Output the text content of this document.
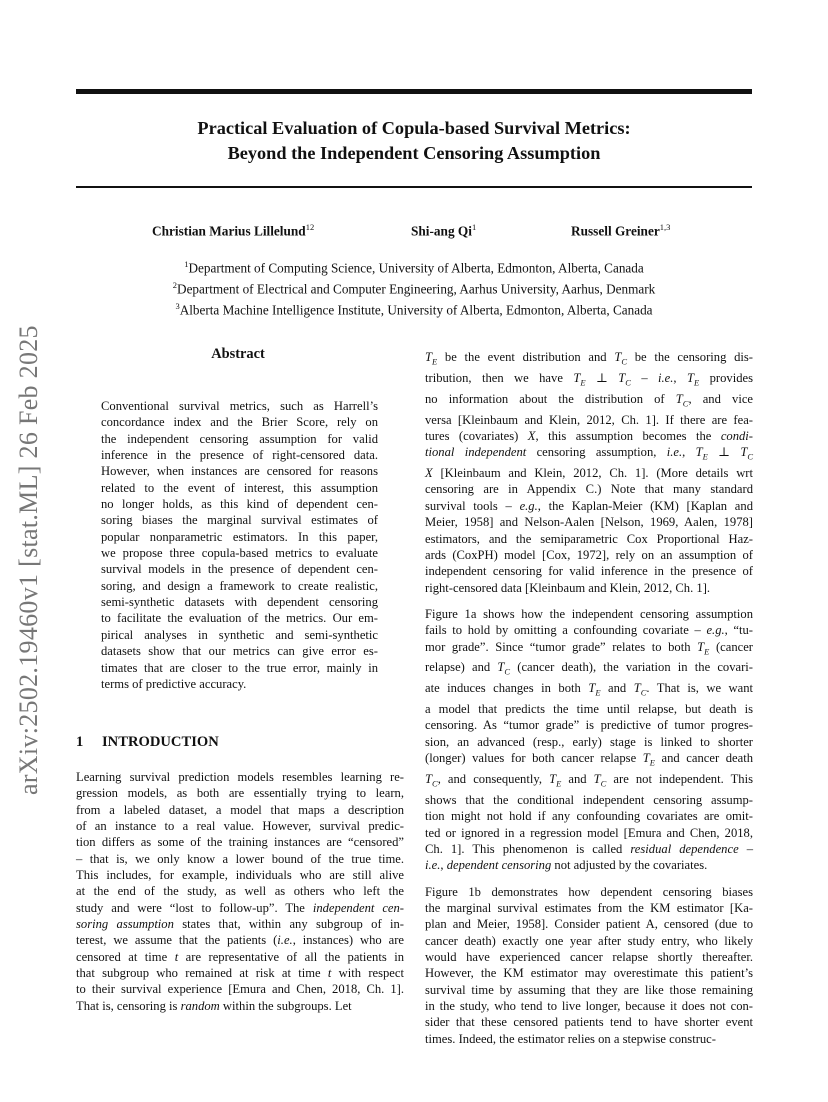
Practical Evaluation of Copula-based Survival Metrics:
Beyond the Independent Censoring Assumption
Christian Marius Lillelund$^{12}$	Shi-ang Qi$^1$	Russell Greiner$^{1,3}$
$^1$Department of Computing Science, University of Alberta, Edmonton, Alberta, Canada
$^2$Department of Electrical and Computer Engineering, Aarhus University, Aarhus, Denmark
$^3$Alberta Machine Intelligence Institute, University of Alberta, Edmonton, Alberta, Canada
arXiv:2502.19460v1 [stat.ML] 26 Feb 2025	Abstract
Conventional survival metrics, such as Harrell’s
concordance index and the Brier Score, rely on
the independent censoring assumption for valid
inference in the presence of right-censored data.
However, when instances are censored for reasons
related to the event of interest, this assumption
no longer holds, as this kind of dependent cen-
soring biases the marginal survival estimates of
popular nonparametric estimators. In this paper,
we propose three copula-based metrics to evaluate
survival models in the presence of dependent cen-
soring, and design a framework to create realistic,
semi-synthetic datasets with dependent censoring
to facilitate the evaluation of the metrics. Our em-
pirical analyses in synthetic and semi-synthetic
datasets show that our metrics can give error es-
timates that are closer to the true error, mainly in
terms of predictive accuracy.
1 INTRODUCTION
Learning survival prediction models resembles learning re-
gression models, as both are essentially trying to learn,
from a labeled dataset, a model that maps a description
of an instance to a real value. However, survival predic-
tion differs as some of the training instances are “censored”
– that is, we only know a lower bound of the true time.
This includes, for example, individuals who are still alive
at the end of the study, as well as others who left the
study and were “lost to follow-up”. The independent cen-
soring assumption states that, within any subgroup of in-
terest, we assume that the patients (i.e., instances) who are
censored at time t are representative of all the patients in
that subgroup who remained at risk at time t with respect
to their survival experience [Emura and Chen, 2018, Ch. 1].
That is, censoring is random within the subgroups. Let

$T_E$ be the event distribution and $T_C$ be the censoring dis-
tribution, then we have $T_E$ ⊥ $T_C - i.e$., $T_E$ provides
no information about the distribution of $T_C$, and vice
versa [Kleinbaum and Klein, 2012, Ch. 1]. If there are fea-
tures (covariates) X, this assumption becomes the condi-
tional independent censoring assumption, i.e., $T_E$ ⊥ $T_C$
X [Kleinbaum and Klein, 2012, Ch. 1]. (More details wrt
censoring are in Appendix C.) Note that many standard
survival tools – e.g., the Kaplan-Meier (KM) [Kaplan and
Meier, 1958] and Nelson-Aalen [Nelson, 1969, Aalen, 1978]
estimators, and the semiparametric Cox Proportional Haz-
ards (CoxPH) model [Cox, 1972], rely on an assumption of
independent censoring for valid inference in the presence of
right-censored data [Kleinbaum and Klein, 2012, Ch. 1].

Figure 1a shows how the independent censoring assumption
fails to hold by omitting a confounding covariate – e.g., “tu-
mor grade”. Since “tumor grade” relates to both $T_E$ (cancer
relapse) and $T_C$ (cancer death), the variation in the covari-
ate induces changes in both $T_E$ and $T_C$. That is, we want
a model that predicts the time until relapse, but death is
censoring. As “tumor grade” is predictive of tumor progres-
sion, an advanced (resp., early) stage is linked to shorter
(longer) values for both cancer relapse $T_E$ and cancer death
$T_C$, and consequently, $T_E$ and $T_C$ are not independent. This
shows that the conditional independent censoring assump-
tion might not hold if any confounding covariates are omit-
ted or ignored in a regression model [Emura and Chen, 2018,
Ch. 1]. This phenomenon is called residual dependence –
i.e., dependent censoring not adjusted by the covariates.

Figure 1b demonstrates how dependent censoring biases
the marginal survival estimates from the KM estimator [Ka-
plan and Meier, 1958]. Consider patient A, censored (due to
cancer death) exactly one year after study entry, who likely
would have experienced cancer relapse shortly thereafter.
However, the KM estimator may overestimate this patient’s
survival time by assuming that they are like those remaining
in the study, who tend to live longer, because it does not con-
sider that these censored patients tend to have shorter event
times. Indeed, the estimator relies on a stepwise construc-
